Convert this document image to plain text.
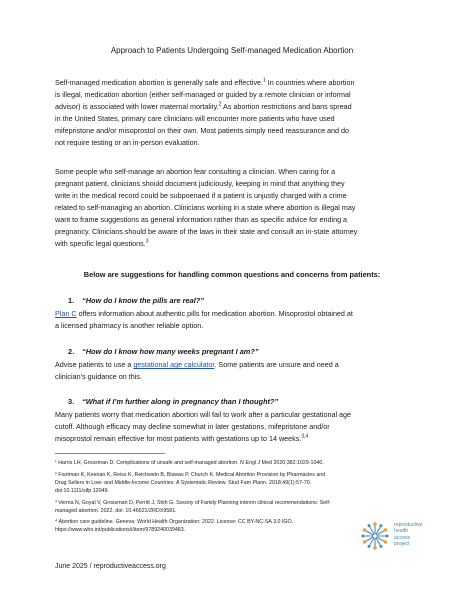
Approach to Patients Undergoing Self-managed Medication Abortion

Self-managed medication abortion is generally safe and effective.$^1$ In countries where abortion
is illegal, medication abortion (either self-managed or guided by a remote clinician or informal
advisor) is associated with lower maternal mortality.$^2$ As abortion restrictions and bans spread
in the United States, primary care clinicians will encounter more patients who have used
mifepristone and/or misoprostol on their own. Most patients simply need reassurance and do
not require testing or an in-person evaluation.

Some people who self-manage an abortion fear consulting a clinician. When caring for a
pregnant patient, clinicians should document judiciously, keeping in mind that anything they
write in the medical record could be subpoenaed if a patient is unjustly charged with a crime
related to self-managing an abortion. Clinicians working in a state where abortion is illegal may
want to frame suggestions as general information rather than as specific advice for ending a
pregnancy. Clinicians should be aware of the laws in their state and consult an in-state attorney
with specific legal questions.$^3$

Below are suggestions for handling common questions and concerns from patients:
1. “How do I know the pills are real?”

Plan C offers information about authentic pills for medication abortion. Misoprostol obtained at
a licensed pharmacy is another reliable option.

2. “How do I know how many weeks pregnant I am?”

Advise patients to use a gestational age calculator. Some patients are unsure and need a
clinician’s guidance on this.

3. “What if I’m further along in pregnancy than I thought?”

Many patients worry that medication abortion will fail to work after a particular gestational age
cutoff. Although efficacy may decline somewhat in later gestations, mifepristone and/or
misoprostol remain effective for most patients with gestations up to 14 weeks.$^{3,4}$

¹ Harris LH, Grossman D. Complications of unsafe and self-managed abortion. N Engl J Med 2020;382:1029-1040.

² Footman K, Keenan K, Reiss K, Reichwein B, Biswas P, Church K. Medical Abortion Provision by Pharmacies and
Drug Sellers in Low- and Middle-Income Countries: A Systematic Review. Stud Fam Plann. 2018;49(1):57-70.
doi:10.1111/sifp.12049.

³ Verma N, Goyal V, Grossman D, Perritt J, Shih G. Society of Family Planning interim clinical recommendations: Self-
managed abortion. 2022. doi: 10.46621/ZRDX9581.

⁴ Abortion care guideline. Geneva: World Health Organization; 2022. License: CC BY-NC-SA 3.0 IGO.
https://www.who.int/publications/i/item/9789240039483.

June 2025 / reproductiveaccess.org
reproductive
health
access
project
